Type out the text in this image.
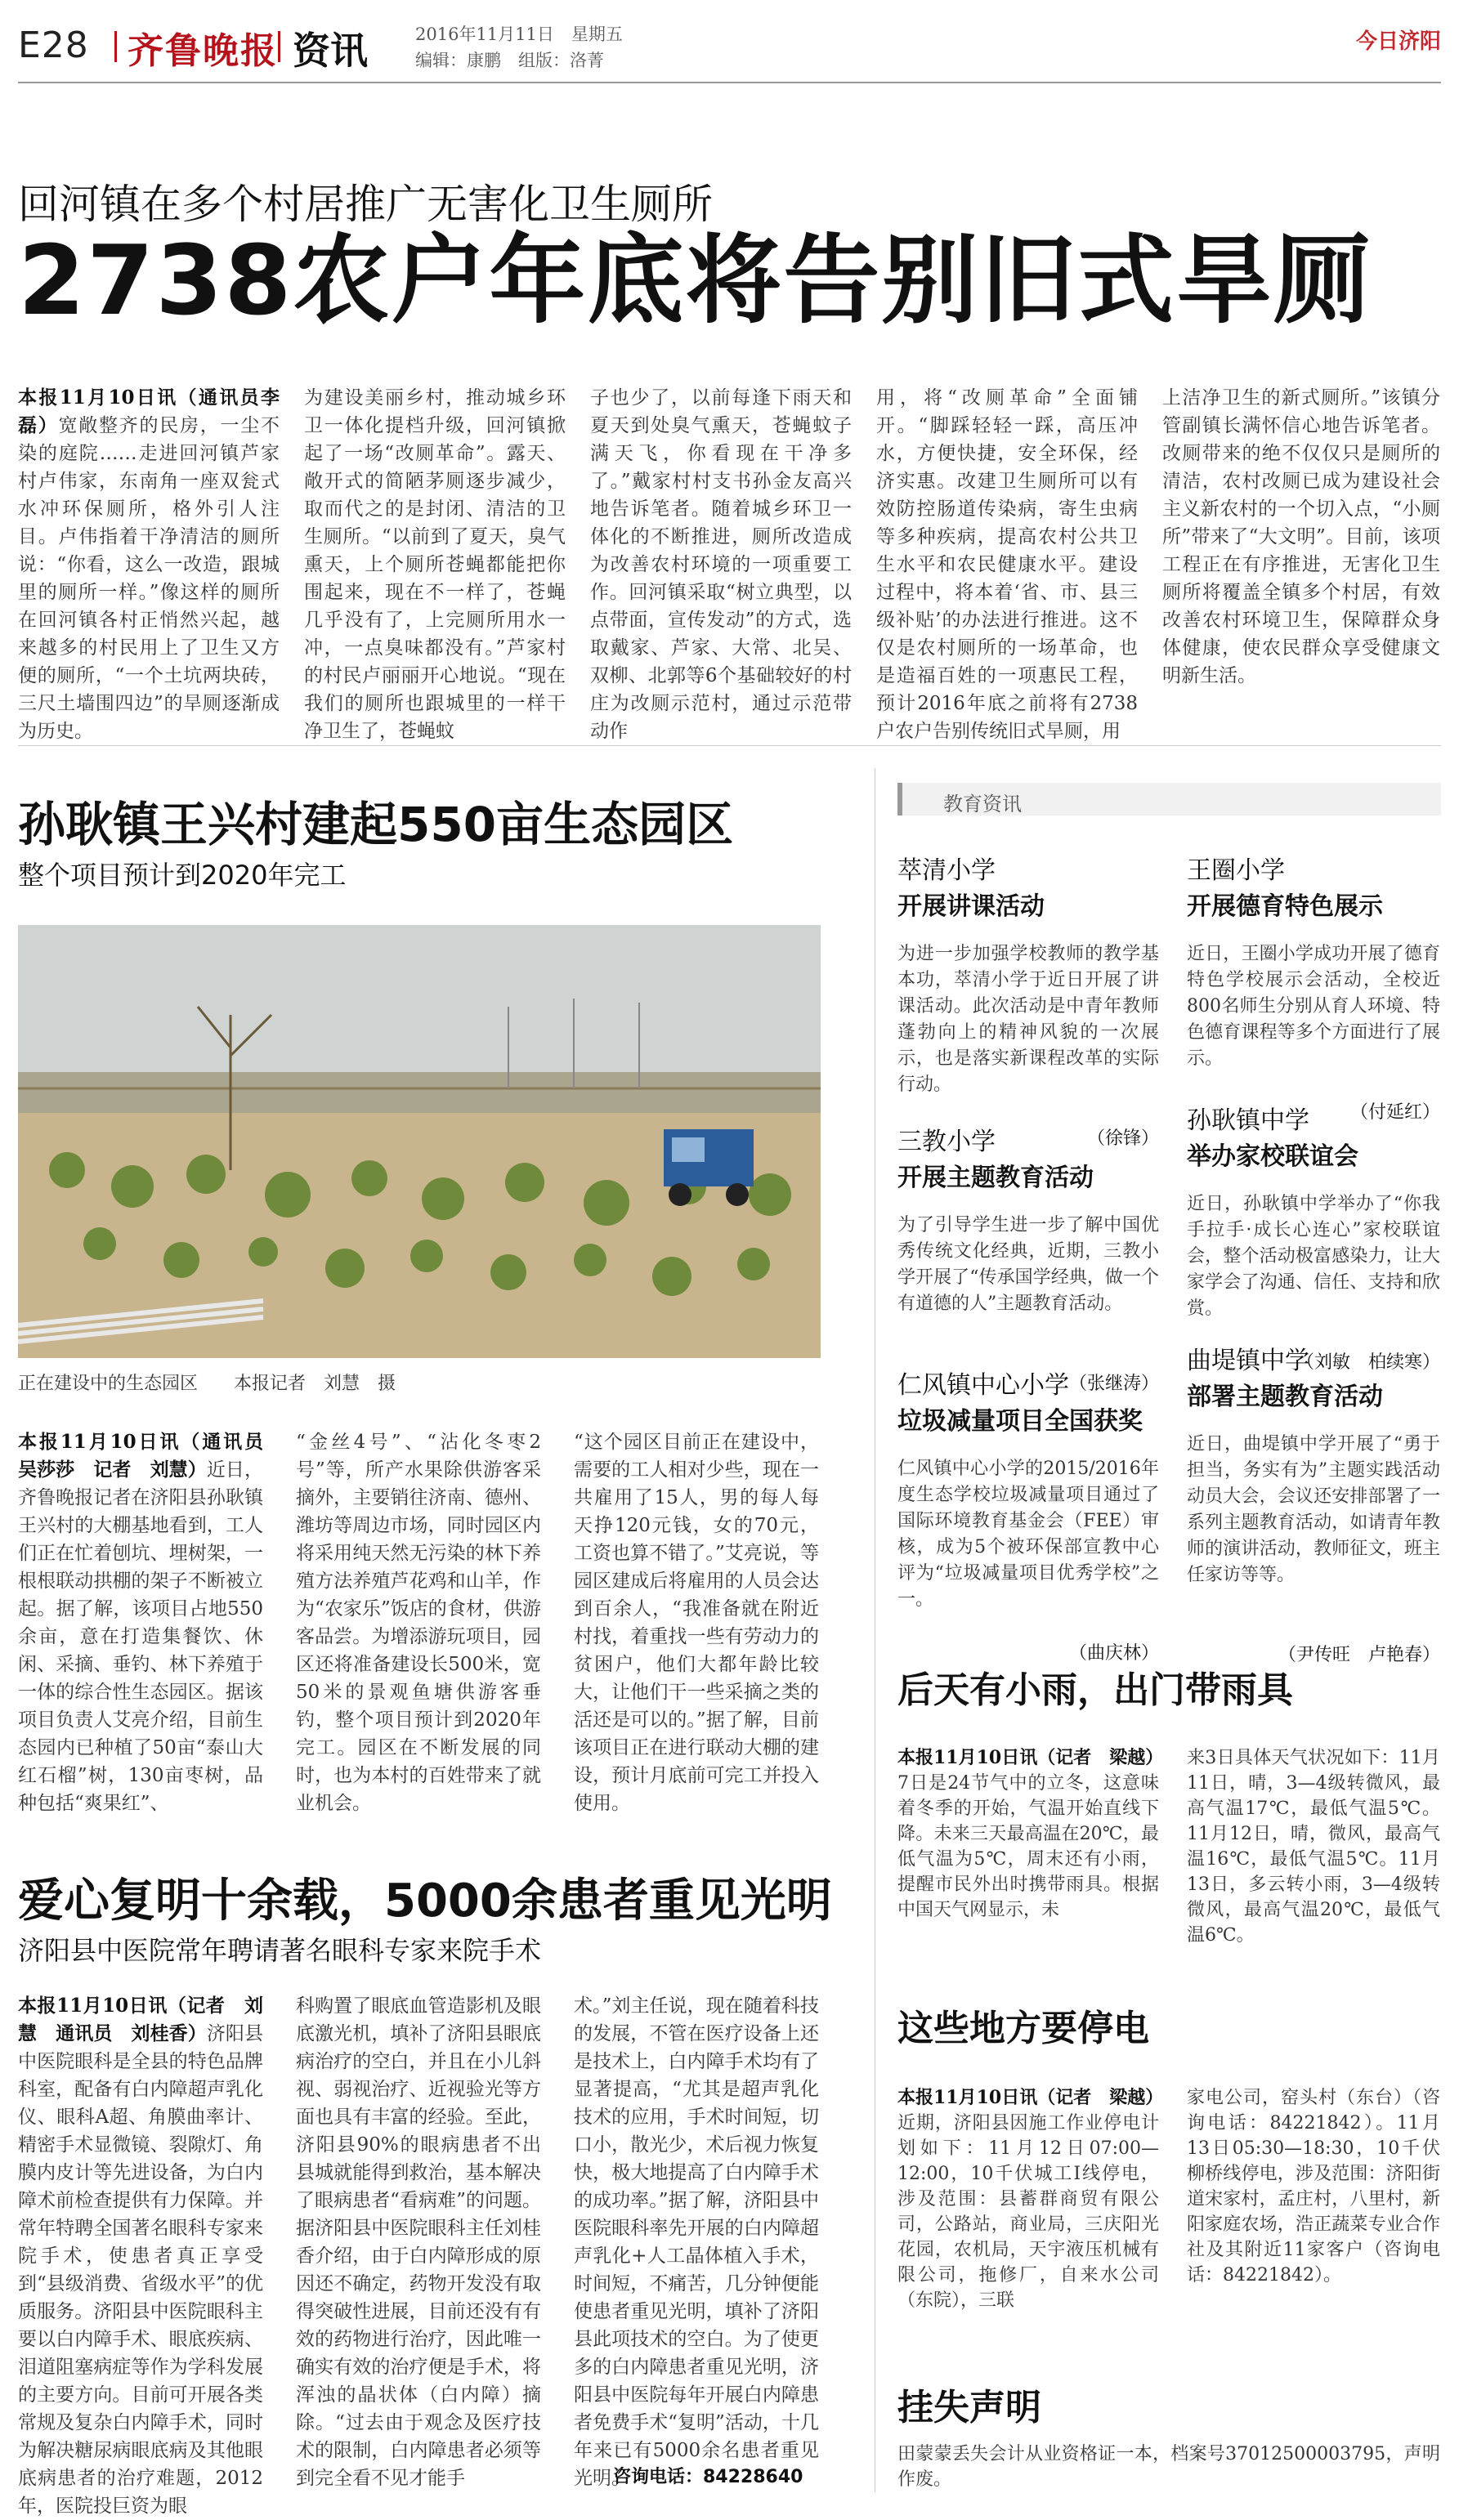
E28 齐鲁晚报 资讯	2016年11月11日　星期五
编辑：康鹏　组版：洛菁
今日济阳
回河镇在多个村居推广无害化卫生厕所
2738农户年底将告别旧式旱厕
本报11月10日讯（通讯员李磊）宽敞整齐的民房，一尘不染的庭院……走进回河镇芦家村卢伟家，东南角一座双瓮式水冲环保厕所，格外引人注目。卢伟指着干净清洁的厕所说：“你看，这么一改造，跟城里的厕所一样。”像这样的厕所在回河镇各村正悄然兴起，越来越多的村民用上了卫生又方便的厕所，“一个土坑两块砖，三尺土墙围四边”的旱厕逐渐成为历史。
为建设美丽乡村，推动城乡环卫一体化提档升级，回河镇掀起了一场“改厕革命”。露天、敞开式的简陋茅厕逐步减少，取而代之的是封闭、清洁的卫生厕所。“以前到了夏天，臭气熏天，上个厕所苍蝇都能把你围起来，现在不一样了，苍蝇几乎没有了，上完厕所用水一冲，一点臭味都没有。”芦家村的村民卢丽丽开心地说。“现在我们的厕所也跟城里的一样干净卫生了，苍蝇蚊
子也少了，以前每逢下雨天和夏天到处臭气熏天，苍蝇蚊子满天飞，你看现在干净多了。”戴家村村支书孙金友高兴地告诉笔者。随着城乡环卫一体化的不断推进，厕所改造成为改善农村环境的一项重要工作。回河镇采取“树立典型，以点带面，宣传发动”的方式，选取戴家、芦家、大常、北吴、双柳、北郭等6个基础较好的村庄为改厕示范村，通过示范带动作
用，将“改厕革命”全面铺开。“脚踩轻轻一踩，高压冲水，方便快捷，安全环保，经济实惠。改建卫生厕所可以有效防控肠道传染病，寄生虫病等多种疾病，提高农村公共卫生水平和农民健康水平。建设过程中，将本着‘省、市、县三级补贴’的办法进行推进。这不仅是农村厕所的一场革命，也是造福百姓的一项惠民工程，预计2016年底之前将有2738户农户告别传统旧式旱厕，用
上洁净卫生的新式厕所。”该镇分管副镇长满怀信心地告诉笔者。改厕带来的绝不仅仅只是厕所的清洁，农村改厕已成为建设社会主义新农村的一个切入点，“小厕所”带来了“大文明”。目前，该项工程正在有序推进，无害化卫生厕所将覆盖全镇多个村居，有效改善农村环境卫生，保障群众身体健康，使农民群众享受健康文明新生活。
孙耿镇王兴村建起550亩生态园区
整个项目预计到2020年完工
正在建设中的生态园区　　本报记者　刘慧　摄
本报11月10日讯（通讯员　吴莎莎　记者　刘慧）近日，齐鲁晚报记者在济阳县孙耿镇王兴村的大棚基地看到，工人们正在忙着刨坑、埋树架，一根根联动拱棚的架子不断被立起。据了解，该项目占地550余亩，意在打造集餐饮、休闲、采摘、垂钓、林下养殖于一体的综合性生态园区。据该项目负责人艾亮介绍，目前生态园内已种植了50亩“泰山大红石榴”树，130亩枣树，品种包括“爽果红”、
“金丝4号”、“沾化冬枣2号”等，所产水果除供游客采摘外，主要销往济南、德州、潍坊等周边市场，同时园区内将采用纯天然无污染的林下养殖方法养殖芦花鸡和山羊，作为“农家乐”饭店的食材，供游客品尝。为增添游玩项目，园区还将准备建设长500米，宽50米的景观鱼塘供游客垂钓，整个项目预计到2020年完工。园区在不断发展的同时，也为本村的百姓带来了就业机会。
“这个园区目前正在建设中，需要的工人相对少些，现在一共雇用了15人，男的每人每天挣120元钱，女的70元，工资也算不错了。”艾亮说，等园区建成后将雇用的人员会达到百余人，“我准备就在附近村找，着重找一些有劳动力的贫困户，他们大都年龄比较大，让他们干一些采摘之类的活还是可以的。”据了解，目前该项目正在进行联动大棚的建设，预计月底前可完工并投入使用。
爱心复明十余载，5000余患者重见光明
济阳县中医院常年聘请著名眼科专家来院手术
本报11月10日讯（记者　刘慧　通讯员　刘桂香）济阳县中医院眼科是全县的特色品牌科室，配备有白内障超声乳化仪、眼科A超、角膜曲率计、精密手术显微镜、裂隙灯、角膜内皮计等先进设备，为白内障术前检查提供有力保障。并常年特聘全国著名眼科专家来院手术，使患者真正享受到“县级消费、省级水平”的优质服务。济阳县中医院眼科主要以白内障手术、眼底疾病、泪道阻塞病症等作为学科发展的主要方向。目前可开展各类常规及复杂白内障手术，同时为解决糖尿病眼底病及其他眼底病患者的治疗难题，2012年，医院投巨资为眼
科购置了眼底血管造影机及眼底激光机，填补了济阳县眼底病治疗的空白，并且在小儿斜视、弱视治疗、近视验光等方面也具有丰富的经验。至此，济阳县90%的眼病患者不出县城就能得到救治，基本解决了眼病患者“看病难”的问题。据济阳县中医院眼科主任刘桂香介绍，由于白内障形成的原因还不确定，药物开发没有取得突破性进展，目前还没有有效的药物进行治疗，因此唯一确实有效的治疗便是手术，将浑浊的晶状体（白内障）摘除。“过去由于观念及医疗技术的限制，白内障患者必须等到完全看不见才能手
术。”刘主任说，现在随着科技的发展，不管在医疗设备上还是技术上，白内障手术均有了显著提高，“尤其是超声乳化技术的应用，手术时间短，切口小，散光少，术后视力恢复快，极大地提高了白内障手术的成功率。”据了解，济阳县中医院眼科率先开展的白内障超声乳化+人工晶体植入手术，时间短，不痛苦，几分钟便能使患者重见光明，填补了济阳县此项技术的空白。为了使更多的白内障患者重见光明，济阳县中医院每年开展白内障患者免费手术“复明”活动，十几年来已有5000余名患者重见光明。
咨询电话：84228640
教育资讯
萃清小学
开展讲课活动
为进一步加强学校教师的教学基本功，萃清小学于近日开展了讲课活动。此次活动是中青年教师蓬勃向上的精神风貌的一次展示，也是落实新课程改革的实际行动。
（徐锋）
王圈小学
开展德育特色展示
近日，王圈小学成功开展了德育特色学校展示会活动，全校近800名师生分别从育人环境、特色德育课程等多个方面进行了展示。
（付延红）
三教小学
开展主题教育活动
为了引导学生进一步了解中国优秀传统文化经典，近期，三教小学开展了“传承国学经典，做一个有道德的人”主题教育活动。
（张继涛）
孙耿镇中学
举办家校联谊会
近日，孙耿镇中学举办了“你我手拉手·成长心连心”家校联谊会，整个活动极富感染力，让大家学会了沟通、信任、支持和欣赏。
（刘敏　柏续寒）
仁风镇中心小学
垃圾减量项目全国获奖
仁风镇中心小学的2015/2016年度生态学校垃圾减量项目通过了国际环境教育基金会（FEE）审核，成为5个被环保部宣教中心评为“垃圾减量项目优秀学校”之一。
（曲庆林）
曲堤镇中学
部署主题教育活动
近日，曲堤镇中学开展了“勇于担当，务实有为”主题实践活动动员大会，会议还安排部署了一系列主题教育活动，如请青年教师的演讲活动，教师征文，班主任家访等等。
（尹传旺　卢艳春）
后天有小雨，出门带雨具
本报11月10日讯（记者　梁越）7日是24节气中的立冬，这意味着冬季的开始，气温开始直线下降。未来三天最高温在20℃，最低气温为5℃，周末还有小雨，提醒市民外出时携带雨具。根据中国天气网显示，未
来3日具体天气状况如下：11月11日，晴，3—4级转微风，最高气温17℃，最低气温5℃。11月12日，晴，微风，最高气温16℃，最低气温5℃。11月13日，多云转小雨，3—4级转微风，最高气温20℃，最低气温6℃。
这些地方要停电
本报11月10日讯（记者　梁越）近期，济阳县因施工作业停电计划如下：11月12日07:00—12:00，10千伏城工Ⅰ线停电，涉及范围：县蓄群商贸有限公司，公路站，商业局，三庆阳光花园，农机局，天宇液压机械有限公司，拖修厂，自来水公司（东院），三联
家电公司，窑头村（东台）（咨询电话：84221842）。11月13日05:30—18:30，10千伏柳桥线停电，涉及范围：济阳街道宋家村，孟庄村，八里村，新阳家庭农场，浩正蔬菜专业合作社及其附近11家客户（咨询电话：84221842）。
挂失声明
田蒙蒙丢失会计从业资格证一本，档案号37012500003795，声明作废。
